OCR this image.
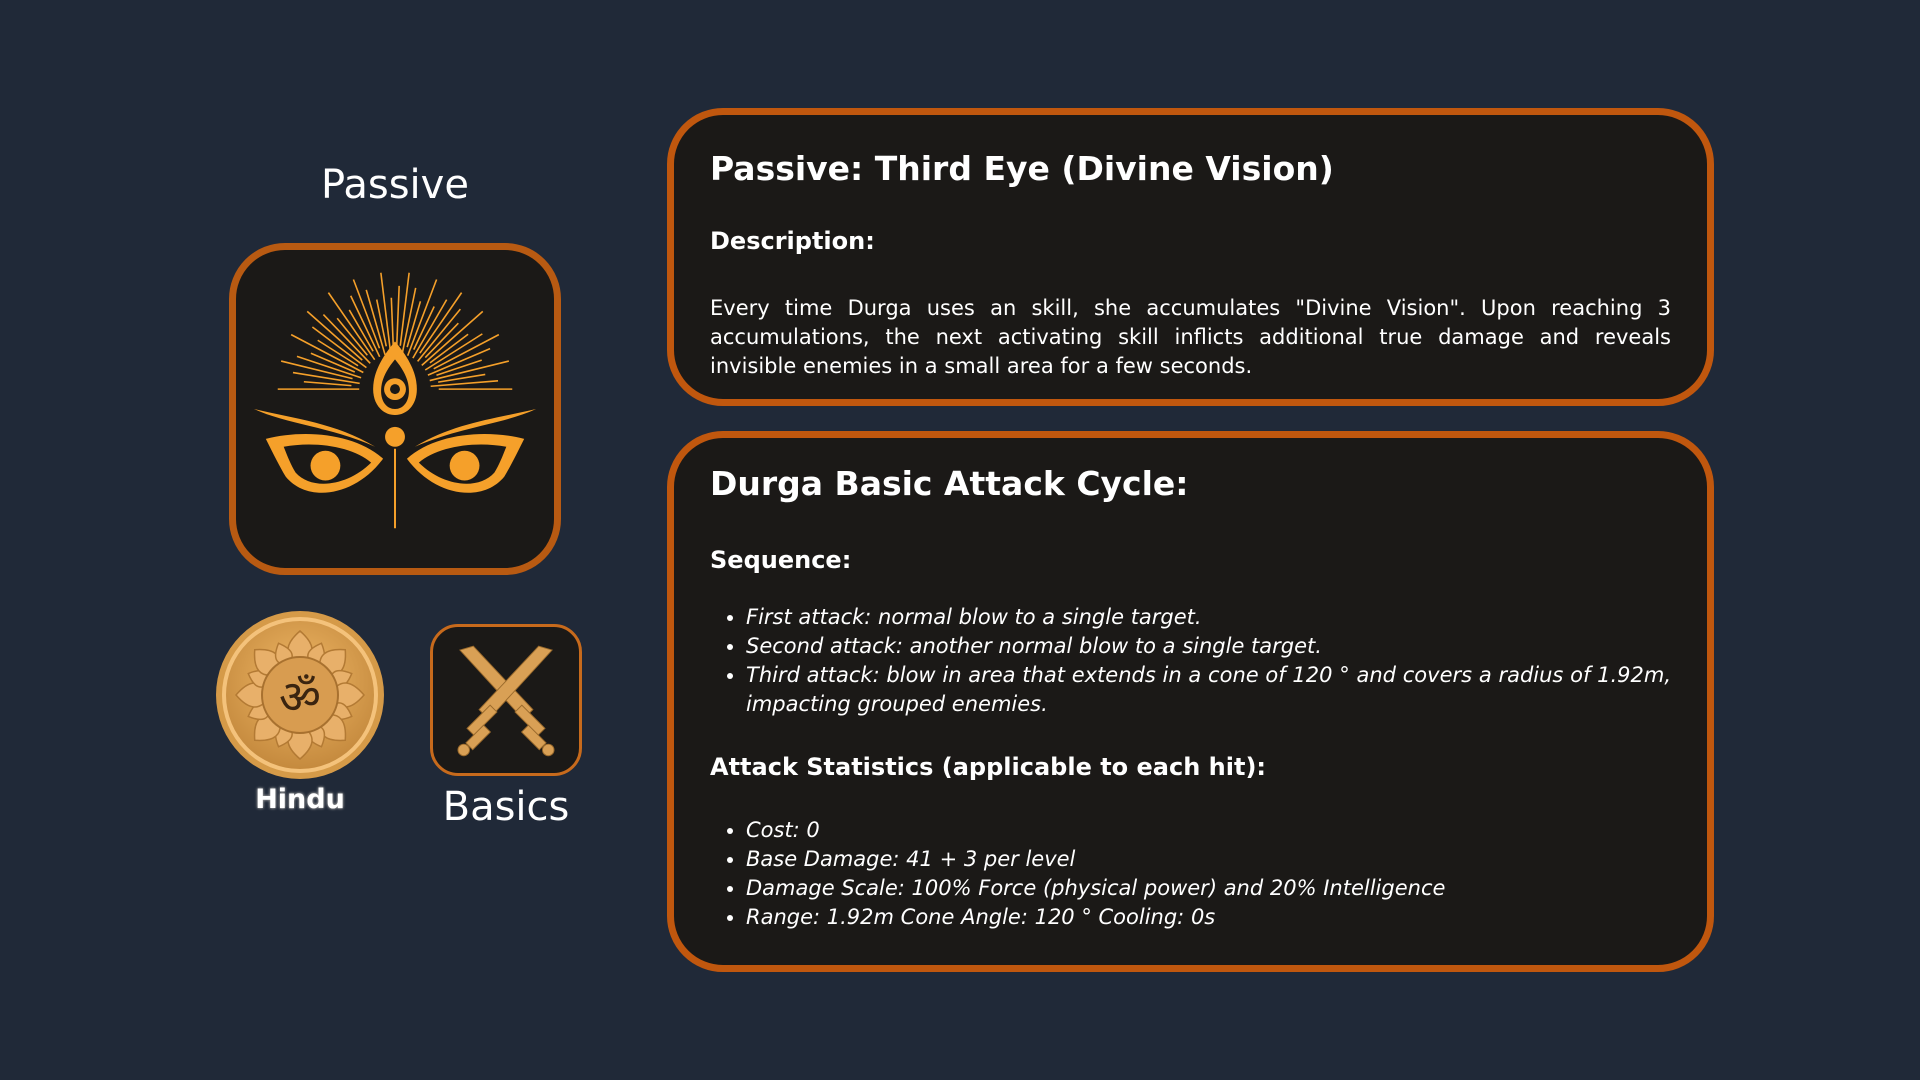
Passive
ॐ
Hindu	Basics
Passive: Third Eye (Divine Vision)
Description:

Every time Durga uses an skill, she accumulates "Divine Vision". Upon reaching 3 accumulations, the next activating skill inflicts additional true damage and reveals invisible enemies in a small area for a few seconds.

Durga Basic Attack Cycle:
Sequence:
• First attack: normal blow to a single target.
• Second attack: another normal blow to a single target.
• Third attack: blow in area that extends in a cone of 120 ° and covers a radius of 1.92m, impacting grouped enemies.
Attack Statistics (applicable to each hit):
• Cost: 0
• Base Damage: 41 + 3 per level
• Damage Scale: 100% Force (physical power) and 20% Intelligence
• Range: 1.92m Cone Angle: 120 ° Cooling: 0s
